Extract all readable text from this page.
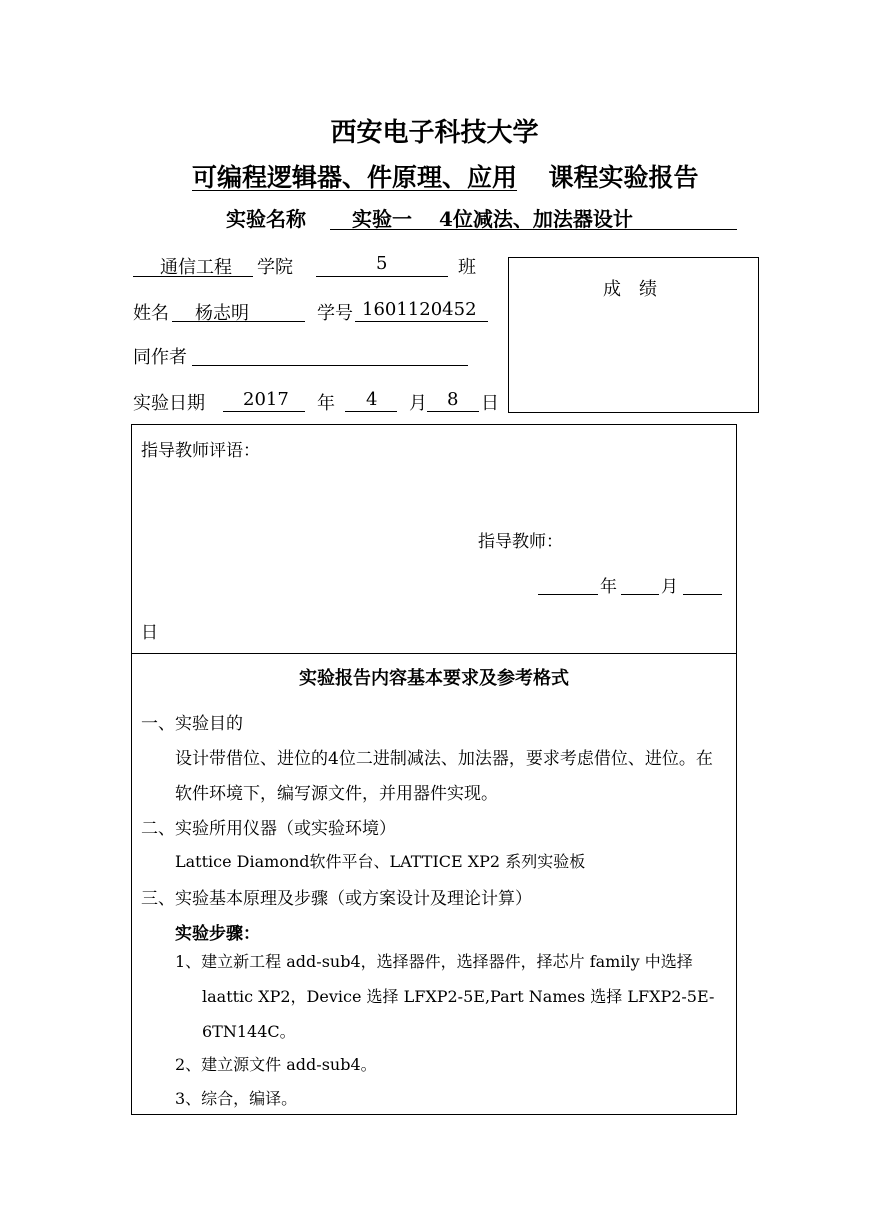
西安电子科技大学
可编程逻辑器、件原理、应用 课程实验报告
实验名称 实验一　 4位减法、加法器设计
通信工程 学院	5	班
姓名 杨志明	学号 1601120452
同作者
实验日期 2017 年 4 月 8 日
成　绩
指导教师评语：
指导教师：
年	月
日
实验报告内容基本要求及参考格式
一、实验目的
设计带借位、进位的4位二进制减法、加法器，要求考虑借位、进位。在
软件环境下，编写源文件，并用器件实现。
二、实验所用仪器（或实验环境）
Lattice Diamond软件平台、LATTICE XP2 系列实验板
三、实验基本原理及步骤（或方案设计及理论计算）
实验步骤：
1、建立新工程 add-sub4，选择器件，选择器件，择芯片 family 中选择
laattic XP2，Device 选择 LFXP2-5E,Part Names 选择 LFXP2-5E-
6TN144C。
2、建立源文件 add-sub4。
3、综合，编译。
